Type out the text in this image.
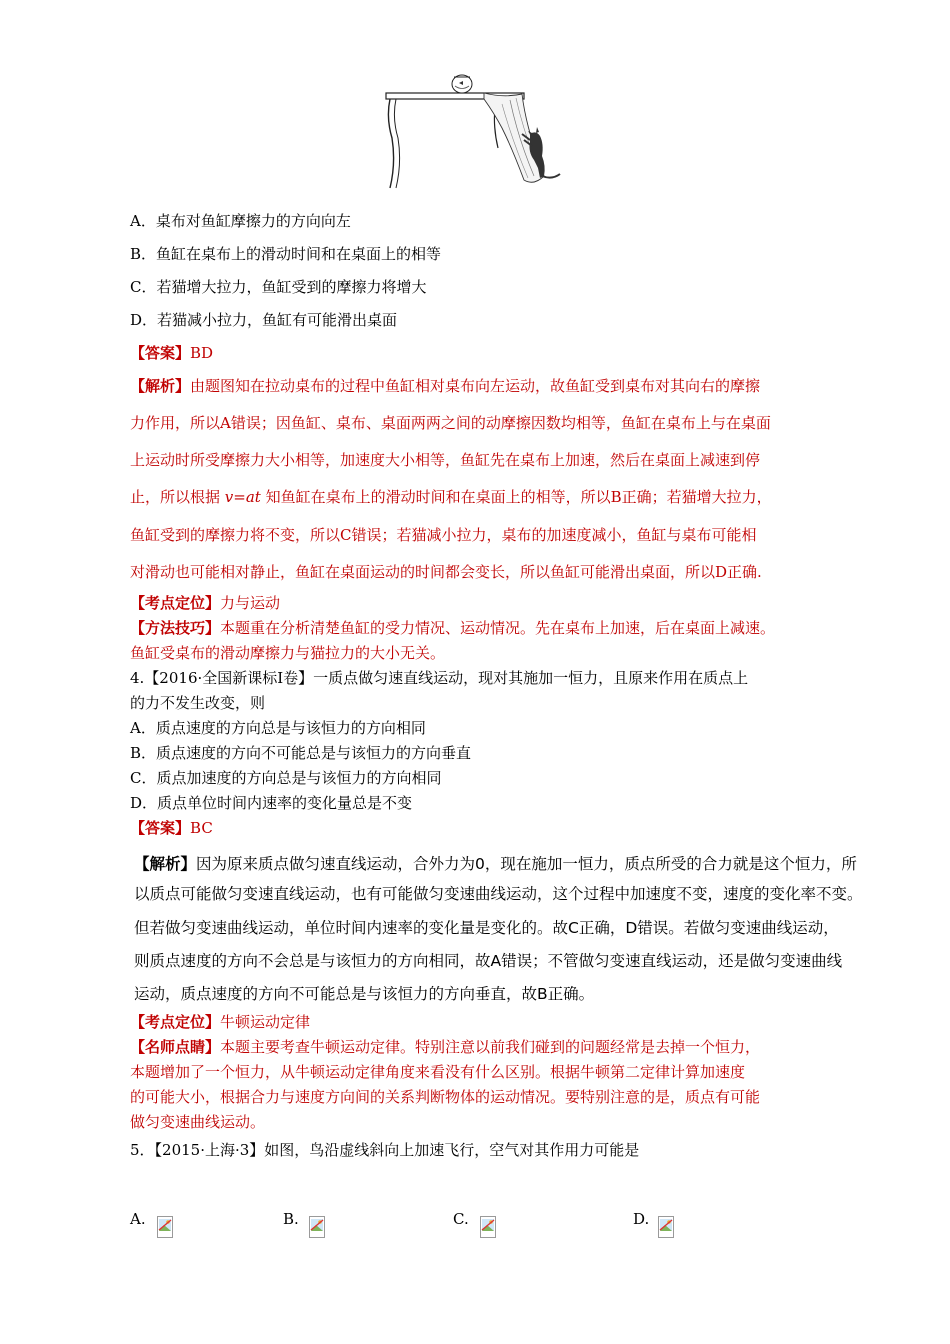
A．桌布对鱼缸摩擦力的方向向左
B．鱼缸在桌布上的滑动时间和在桌面上的相等
C．若猫增大拉力，鱼缸受到的摩擦力将增大
D．若猫减小拉力，鱼缸有可能滑出桌面
【答案】BD
【解析】由题图知在拉动桌布的过程中鱼缸相对桌布向左运动，故鱼缸受到桌布对其向右的摩擦
力作用，所以A错误；因鱼缸、桌布、桌面两两之间的动摩擦因数均相等，鱼缸在桌布上与在桌面
上运动时所受摩擦力大小相等，加速度大小相等，鱼缸先在桌布上加速，然后在桌面上减速到停
止，所以根据 v=at 知鱼缸在桌布上的滑动时间和在桌面上的相等，所以B正确；若猫增大拉力，
鱼缸受到的摩擦力将不变，所以C错误；若猫减小拉力，桌布的加速度减小，鱼缸与桌布可能相
对滑动也可能相对静止，鱼缸在桌面运动的时间都会变长，所以鱼缸可能滑出桌面，所以D正确.
【考点定位】力与运动
【方法技巧】本题重在分析清楚鱼缸的受力情况、运动情况。先在桌布上加速，后在桌面上减速。
鱼缸受桌布的滑动摩擦力与猫拉力的大小无关。
4.【2016·全国新课标Ⅰ卷】一质点做匀速直线运动，现对其施加一恒力，且原来作用在质点上
的力不发生改变，则
A．质点速度的方向总是与该恒力的方向相同
B．质点速度的方向不可能总是与该恒力的方向垂直
C．质点加速度的方向总是与该恒力的方向相同
D．质点单位时间内速率的变化量总是不变
【答案】BC
【解析】因为原来质点做匀速直线运动，合外力为0，现在施加一恒力，质点所受的合力就是这个恒力，所
以质点可能做匀变速直线运动，也有可能做匀变速曲线运动，这个过程中加速度不变，速度的变化率不变。
但若做匀变速曲线运动，单位时间内速率的变化量是变化的。故C正确，D错误。若做匀变速曲线运动，
则质点速度的方向不会总是与该恒力的方向相同，故A错误；不管做匀变速直线运动，还是做匀变速曲线
运动，质点速度的方向不可能总是与该恒力的方向垂直，故B正确。
【考点定位】牛顿运动定律
【名师点睛】本题主要考查牛顿运动定律。特别注意以前我们碰到的问题经常是去掉一个恒力，
本题增加了一个恒力，从牛顿运动定律角度来看没有什么区别。根据牛顿第二定律计算加速度
的可能大小，根据合力与速度方向间的关系判断物体的运动情况。要特别注意的是，质点有可能
做匀变速曲线运动。
5．【2015·上海·3】如图，鸟沿虚线斜向上加速飞行，空气对其作用力可能是
A.	B.	C.	D.
